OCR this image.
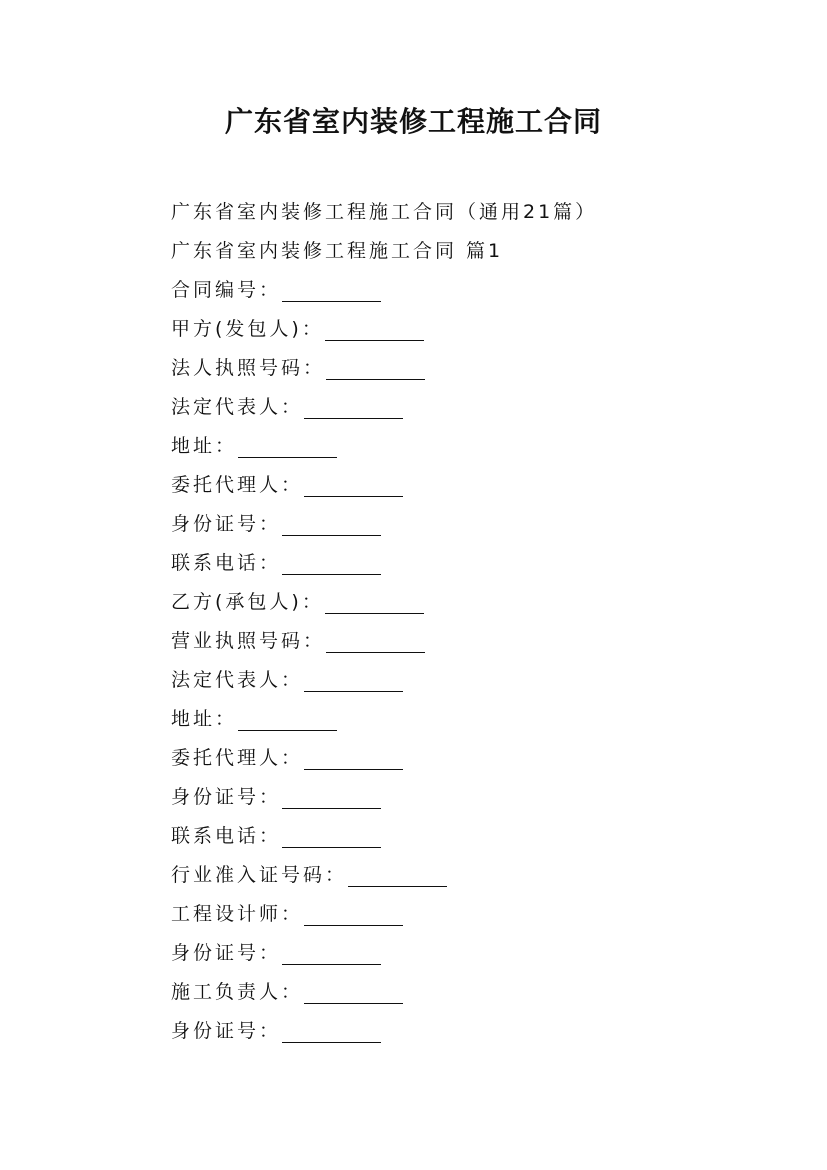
广东省室内装修工程施工合同
广东省室内装修工程施工合同（通用21篇）
广东省室内装修工程施工合同 篇1
合同编号：
甲方(发包人)：
法人执照号码：
法定代表人：
地址：
委托代理人：
身份证号：
联系电话：
乙方(承包人)：
营业执照号码：
法定代表人：
地址：
委托代理人：
身份证号：
联系电话：
行业准入证号码：
工程设计师：
身份证号：
施工负责人：
身份证号：
